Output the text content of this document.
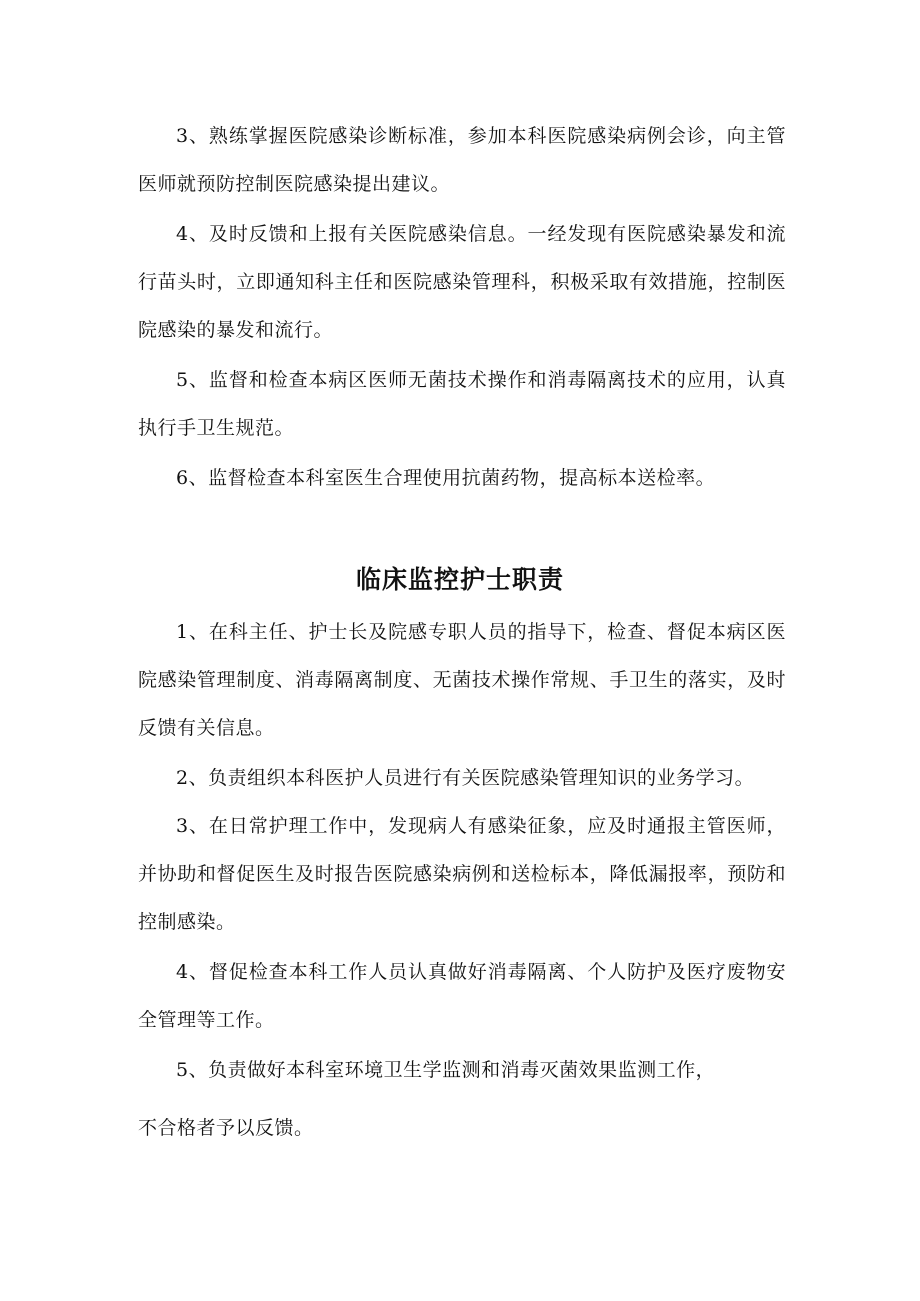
3、熟练掌握医院感染诊断标准，参加本科医院感染病例会诊，向主管医师就预防控制医院感染提出建议。

4、及时反馈和上报有关医院感染信息。一经发现有医院感染暴发和流行苗头时，立即通知科主任和医院感染管理科，积极采取有效措施，控制医院感染的暴发和流行。

5、监督和检查本病区医师无菌技术操作和消毒隔离技术的应用，认真执行手卫生规范。

6、监督检查本科室医生合理使用抗菌药物，提高标本送检率。

临床监控护士职责

1、在科主任、护士长及院感专职人员的指导下，检查、督促本病区医院感染管理制度、消毒隔离制度、无菌技术操作常规、手卫生的落实，及时反馈有关信息。

2、负责组织本科医护人员进行有关医院感染管理知识的业务学习。

3、在日常护理工作中，发现病人有感染征象，应及时通报主管医师，并协助和督促医生及时报告医院感染病例和送检标本，降低漏报率，预防和控制感染。

4、督促检查本科工作人员认真做好消毒隔离、个人防护及医疗废物安全管理等工作。

5、负责做好本科室环境卫生学监测和消毒灭菌效果监测工作，

不合格者予以反馈。
